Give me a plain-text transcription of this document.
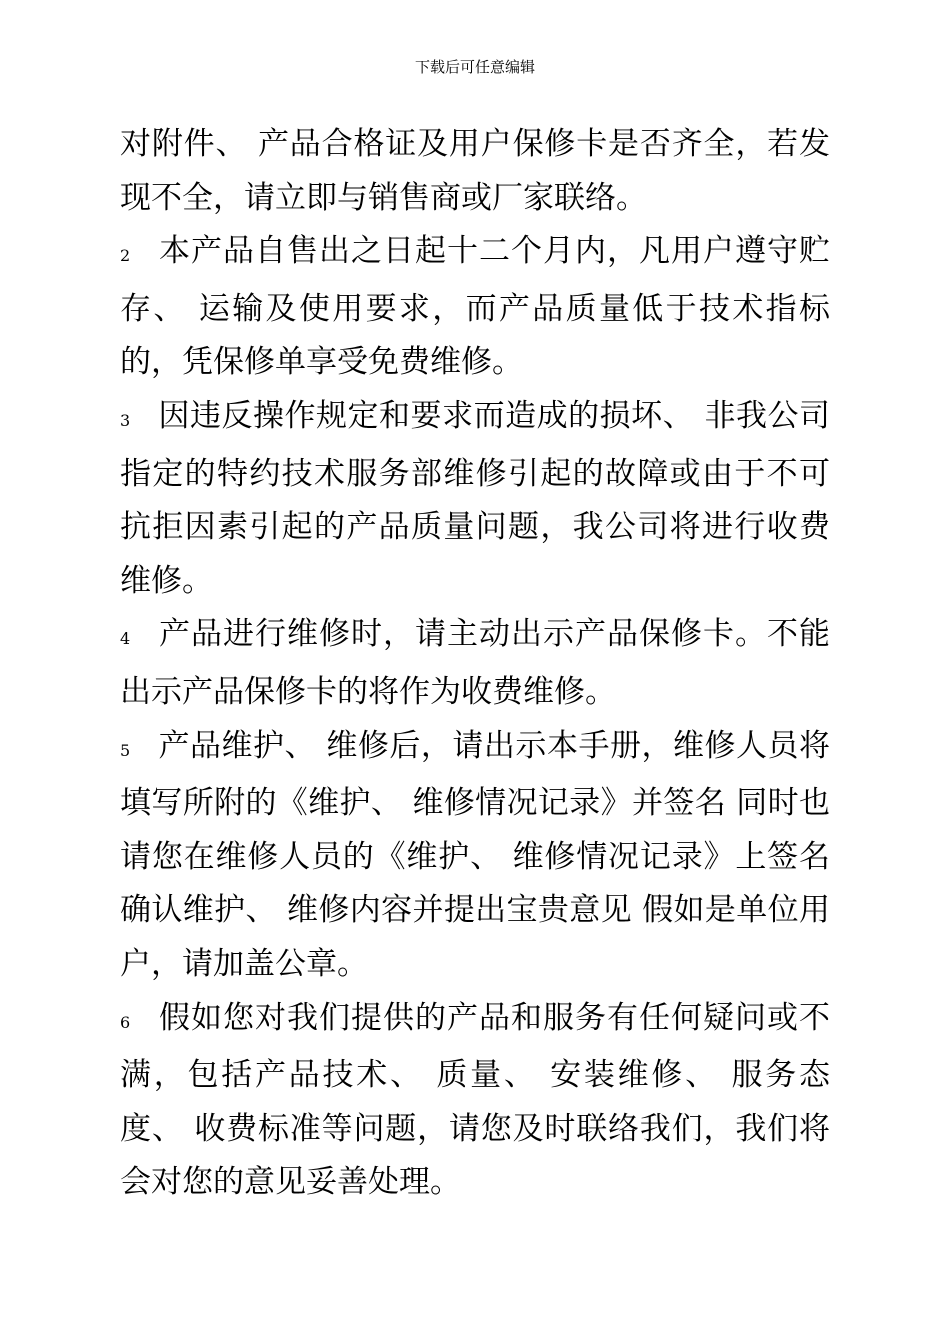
下载后可任意编辑

对附件、 产品合格证及用户保修卡是否齐全，若发现不全，请立即与销售商或厂家联络。

2 本产品自售出之日起十二个月内，凡用户遵守贮存、 运输及使用要求，而产品质量低于技术指标的，凭保修单享受免费维修。

3 因违反操作规定和要求而造成的损坏、 非我公司指定的特约技术服务部维修引起的故障或由于不可抗拒因素引起的产品质量问题，我公司将进行收费维修。

4 产品进行维修时，请主动出示产品保修卡。不能出示产品保修卡的将作为收费维修。

5 产品维护、 维修后，请出示本手册，维修人员将填写所附的《维护、 维修情况记录》并签名 同时也请您在维修人员的《维护、 维修情况记录》上签名确认维护、 维修内容并提出宝贵意见 假如是单位用户，请加盖公章。

6 假如您对我们提供的产品和服务有任何疑问或不满，包括产品技术、 质量、 安装维修、 服务态度、 收费标准等问题，请您及时联络我们，我们将会对您的意见妥善处理。
